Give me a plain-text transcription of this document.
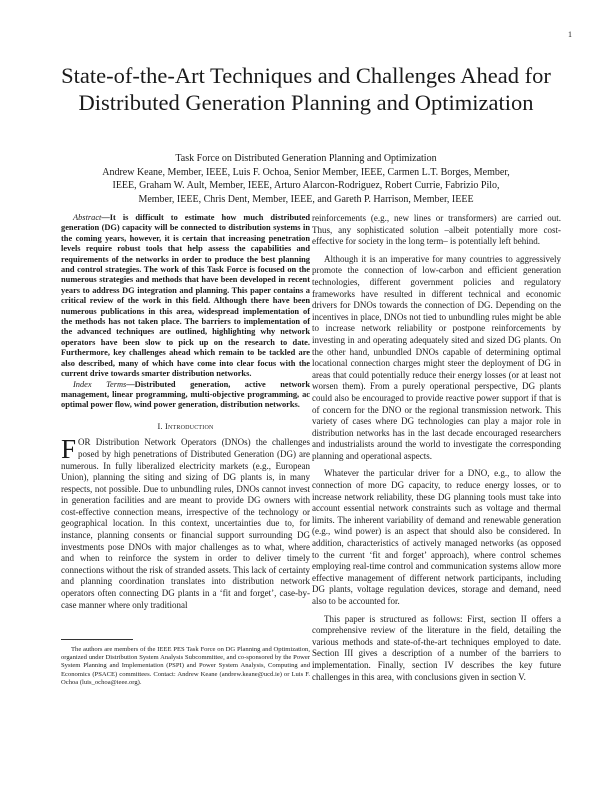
1
State-of-the-Art Techniques and Challenges Ahead for Distributed Generation Planning and Optimization
Task Force on Distributed Generation Planning and Optimization
Andrew Keane, Member, IEEE, Luis F. Ochoa, Senior Member, IEEE, Carmen L.T. Borges, Member,
IEEE, Graham W. Ault, Member, IEEE, Arturo Alarcon-Rodriguez, Robert Currie, Fabrizio Pilo,
Member, IEEE, Chris Dent, Member, IEEE, and Gareth P. Harrison, Member, IEEE

Abstract—It is difficult to estimate how much distributed generation (DG) capacity will be connected to distribution systems in the coming years, however, it is certain that increasing penetration levels require robust tools that help assess the capabilities and requirements of the networks in order to produce the best planning and control strategies. The work of this Task Force is focused on the numerous strategies and methods that have been developed in recent years to address DG integration and planning. This paper contains a critical review of the work in this field. Although there have been numerous publications in this area, widespread implementation of the methods has not taken place. The barriers to implementation of the advanced techniques are outlined, highlighting why network operators have been slow to pick up on the research to date. Furthermore, key challenges ahead which remain to be tackled are also described, many of which have come into clear focus with the current drive towards smarter distribution networks.

Index Terms—Distributed generation, active network management, linear programming, multi-objective programming, ac optimal power flow, wind power generation, distribution networks.

I. Introduction

FOR Distribution Network Operators (DNOs) the challenges posed by high penetrations of Distributed Generation (DG) are numerous. In fully liberalized electricity markets (e.g., European Union), planning the siting and sizing of DG plants is, in many respects, not possible. Due to unbundling rules, DNOs cannot invest in generation facilities and are meant to provide DG owners with cost-effective connection means, irrespective of the technology or geographical location. In this context, uncertainties due to, for instance, planning consents or financial support surrounding DG investments pose DNOs with major challenges as to what, where and when to reinforce the system in order to deliver timely connections without the risk of stranded assets. This lack of certainty and planning coordination translates into distribution network operators often connecting DG plants in a ‘fit and forget’, case-by-case manner where only traditional

The authors are members of the IEEE PES Task Force on DG Planning and Optimization, organized under Distribution System Analysis Subcommittee, and co-sponsored by the Power System Planning and Implementation (PSPI) and Power System Analysis, Computing and Economics (PSACE) committees. Contact: Andrew Keane (andrew.keane@ucd.ie) or Luis F. Ochoa (luis_ochoa@ieee.org).

reinforcements (e.g., new lines or transformers) are carried out. Thus, any sophisticated solution –albeit potentially more cost-effective for society in the long term– is potentially left behind.

Although it is an imperative for many countries to aggressively promote the connection of low-carbon and efficient generation technologies, different government policies and regulatory frameworks have resulted in different technical and economic drivers for DNOs towards the connection of DG. Depending on the incentives in place, DNOs not tied to unbundling rules might be able to increase network reliability or postpone reinforcements by investing in and operating adequately sited and sized DG plants. On the other hand, unbundled DNOs capable of determining optimal locational connection charges might steer the deployment of DG in areas that could potentially reduce their energy losses (or at least not worsen them). From a purely operational perspective, DG plants could also be encouraged to provide reactive power support if that is of concern for the DNO or the regional transmission network. This variety of cases where DG technologies can play a major role in distribution networks has in the last decade encouraged researchers and industrialists around the world to investigate the corresponding planning and operational aspects.

Whatever the particular driver for a DNO, e.g., to allow the connection of more DG capacity, to reduce energy losses, or to increase network reliability, these DG planning tools must take into account essential network constraints such as voltage and thermal limits. The inherent variability of demand and renewable generation (e.g., wind power) is an aspect that should also be considered. In addition, characteristics of actively managed networks (as opposed to the current ‘fit and forget’ approach), where control schemes employing real-time control and communication systems allow more effective management of different network participants, including DG plants, voltage regulation devices, storage and demand, need also to be accounted for.

This paper is structured as follows: First, section II offers a comprehensive review of the literature in the field, detailing the various methods and state-of-the-art techniques employed to date. Section III gives a description of a number of the barriers to implementation. Finally, section IV describes the key future challenges in this area, with conclusions given in section V.
